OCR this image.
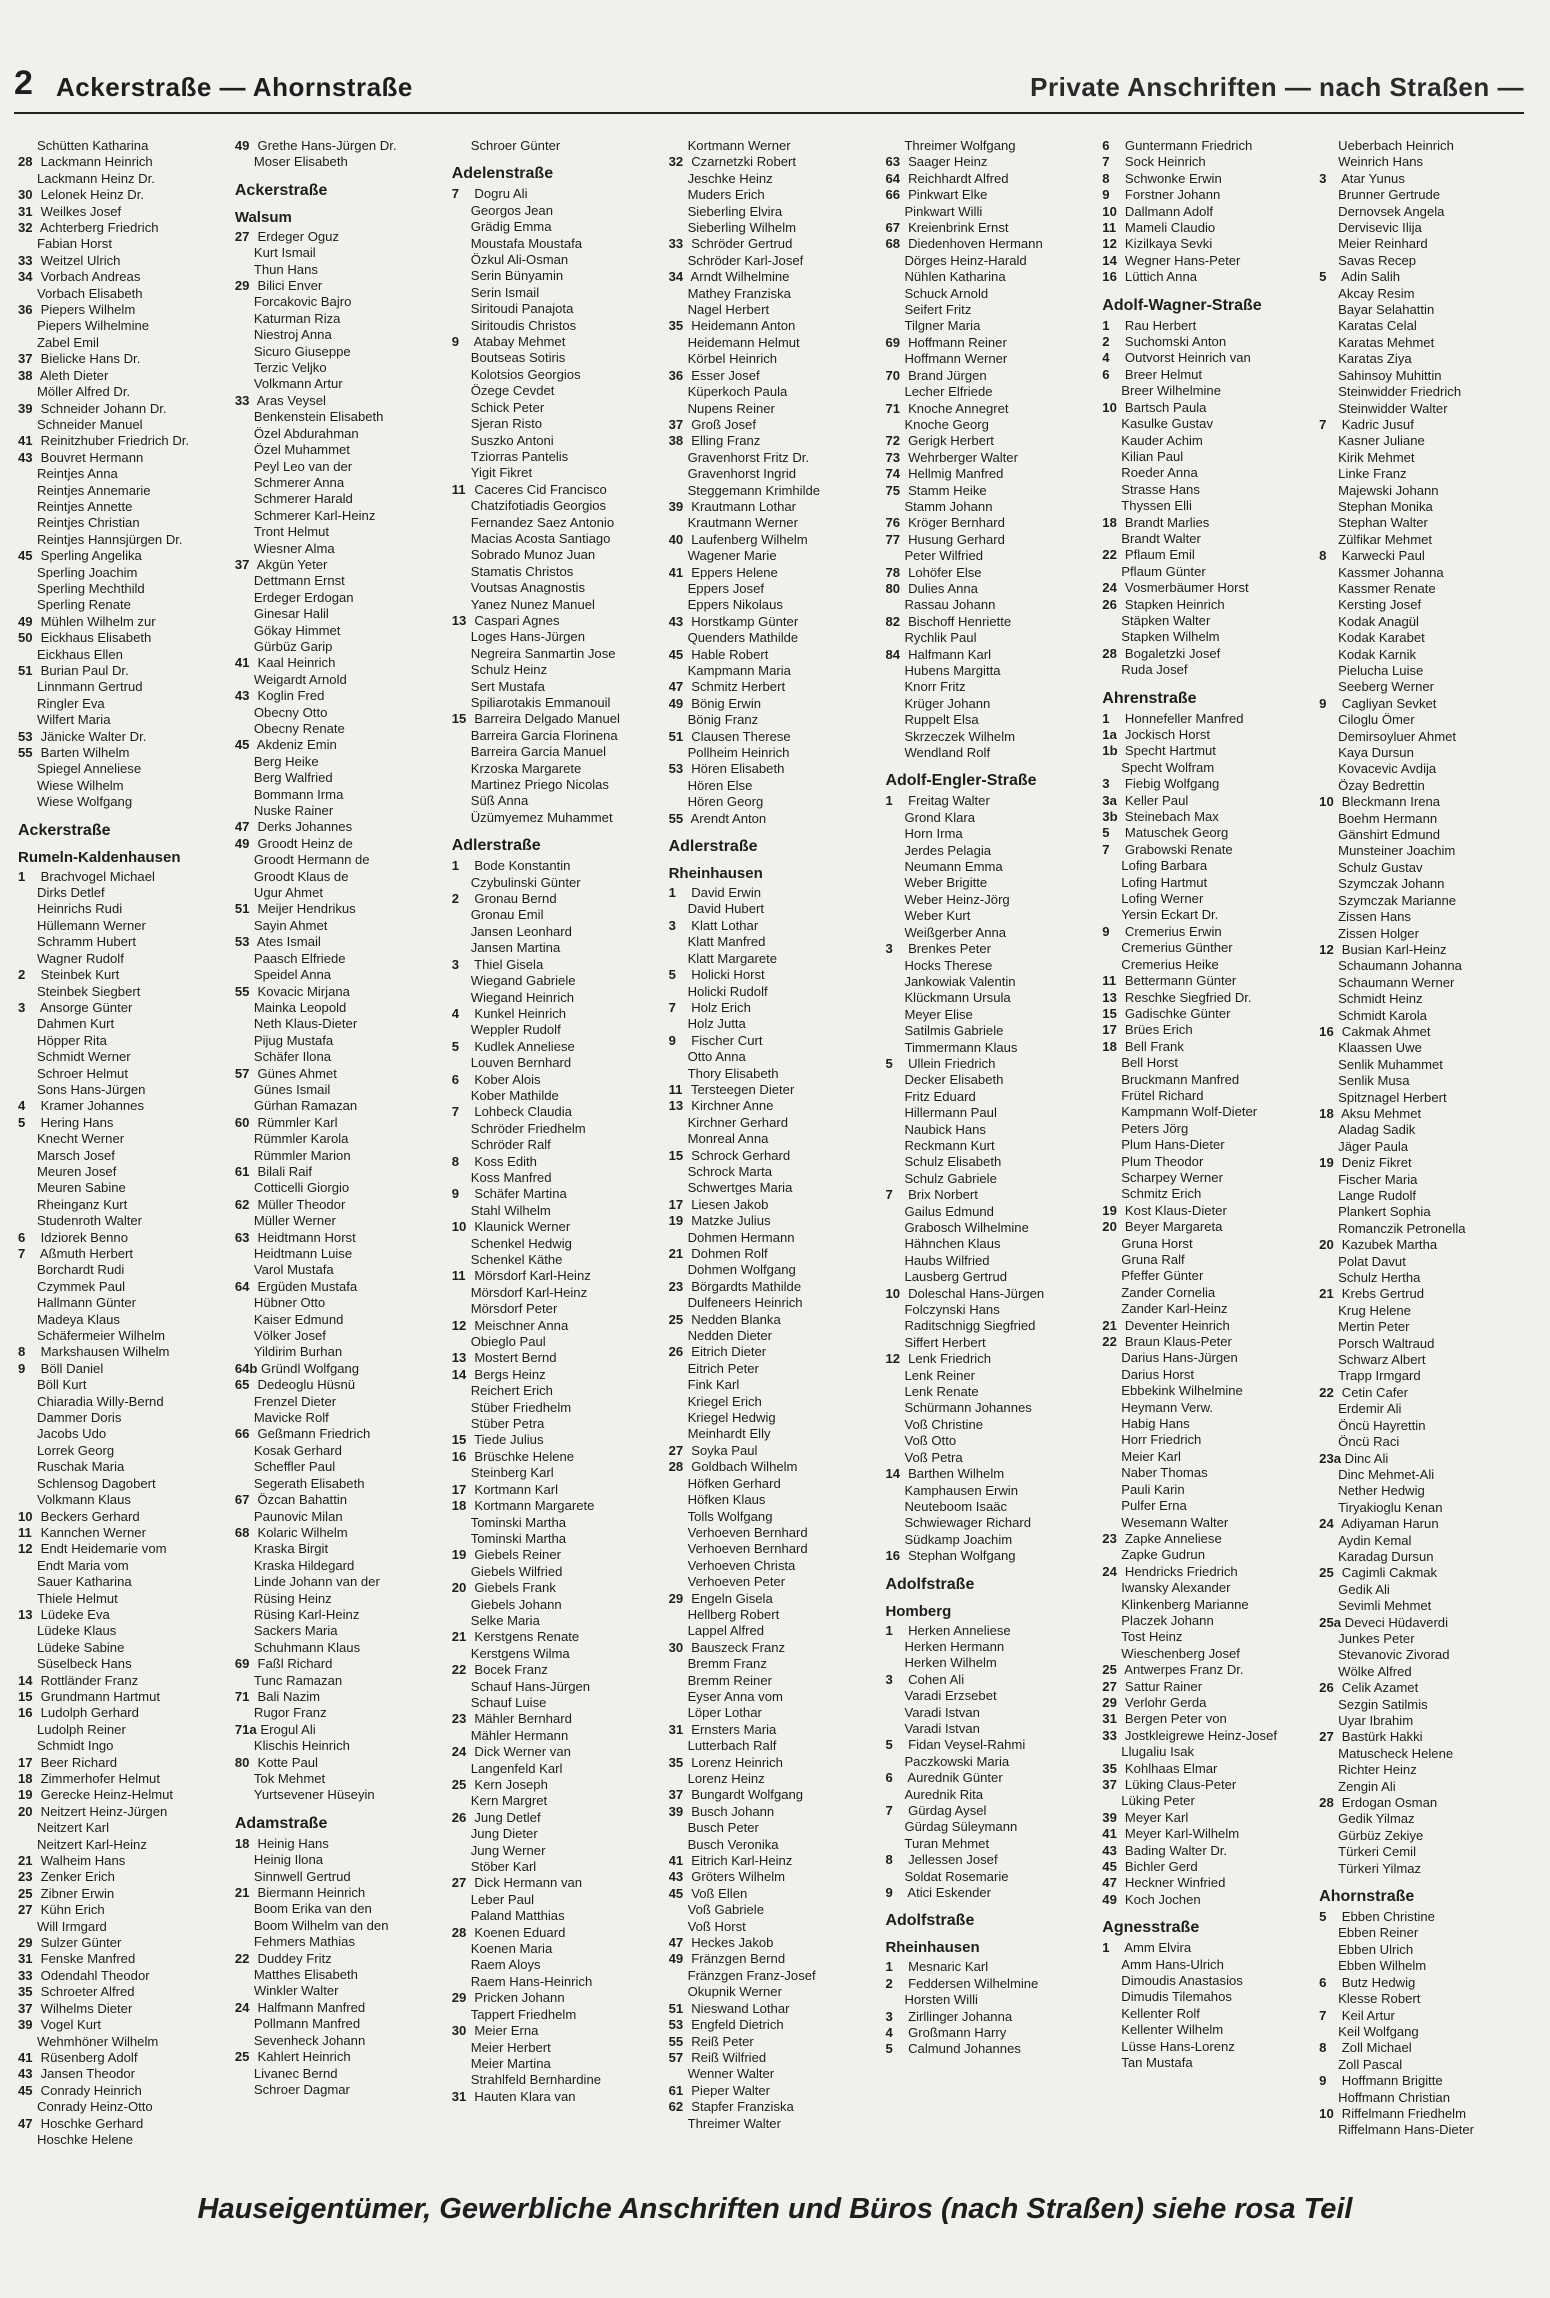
2 Ackerstraße — Ahornstraße	Private Anschriften — nach Straßen —
Schütten Katharina
28 Lackmann Heinrich
Lackmann Heinz Dr.
30 Lelonek Heinz Dr.
31 Weilkes Josef
32 Achterberg Friedrich
Fabian Horst
33 Weitzel Ulrich
34 Vorbach Andreas
Vorbach Elisabeth
36 Piepers Wilhelm
Piepers Wilhelmine
Zabel Emil
37 Bielicke Hans Dr.
38 Aleth Dieter
Möller Alfred Dr.
39 Schneider Johann Dr.
Schneider Manuel
41 Reinitzhuber Friedrich Dr.
43 Bouvret Hermann
Reintjes Anna
Reintjes Annemarie
Reintjes Annette
Reintjes Christian
Reintjes Hannsjürgen Dr.
45 Sperling Angelika
Sperling Joachim
Sperling Mechthild
Sperling Renate
49 Mühlen Wilhelm zur
50 Eickhaus Elisabeth
Eickhaus Ellen
51 Burian Paul Dr.
Linnmann Gertrud
Ringler Eva
Wilfert Maria
53 Jänicke Walter Dr.
55 Barten Wilhelm
Spiegel Anneliese
Wiese Wilhelm
Wiese Wolfgang
Ackerstraße
Rumeln-Kaldenhausen
1 Brachvogel Michael
Dirks Detlef
Heinrichs Rudi
Hüllemann Werner
Schramm Hubert
Wagner Rudolf
2 Steinbek Kurt
Steinbek Siegbert
3 Ansorge Günter
Dahmen Kurt
Höpper Rita
Schmidt Werner
Schroer Helmut
Sons Hans-Jürgen
4 Kramer Johannes
5 Hering Hans
Knecht Werner
Marsch Josef
Meuren Josef
Meuren Sabine
Rheinganz Kurt
Studenroth Walter
6 Idziorek Benno
7 Aßmuth Herbert
Borchardt Rudi
Czymmek Paul
Hallmann Günter
Madeya Klaus
Schäfermeier Wilhelm
8 Markshausen Wilhelm
9 Böll Daniel
Böll Kurt
Chiaradia Willy-Bernd
Dammer Doris
Jacobs Udo
Lorrek Georg
Ruschak Maria
Schlensog Dagobert
Volkmann Klaus
10 Beckers Gerhard
11 Kannchen Werner
12 Endt Heidemarie vom
Endt Maria vom
Sauer Katharina
Thiele Helmut
13 Lüdeke Eva
Lüdeke Klaus
Lüdeke Sabine
Süselbeck Hans
14 Rottländer Franz
15 Grundmann Hartmut
16 Ludolph Gerhard
Ludolph Reiner
Schmidt Ingo
17 Beer Richard
18 Zimmerhofer Helmut
19 Gerecke Heinz-Helmut
20 Neitzert Heinz-Jürgen
Neitzert Karl
Neitzert Karl-Heinz
21 Walheim Hans
23 Zenker Erich
25 Zibner Erwin
27 Kühn Erich
Will Irmgard
29 Sulzer Günter
31 Fenske Manfred
33 Odendahl Theodor
35 Schroeter Alfred
37 Wilhelms Dieter
39 Vogel Kurt
Wehmhöner Wilhelm
41 Rüsenberg Adolf
43 Jansen Theodor
45 Conrady Heinrich
Conrady Heinz-Otto
47 Hoschke Gerhard
Hoschke Helene
49 Grethe Hans-Jürgen Dr.
Moser Elisabeth
Ackerstraße
Walsum
27 Erdeger Oguz
Kurt Ismail
Thun Hans
29 Bilici Enver
Forcakovic Bajro
Katurman Riza
Niestroj Anna
Sicuro Giuseppe
Terzic Veljko
Volkmann Artur
33 Aras Veysel
Benkenstein Elisabeth
Özel Abdurahman
Özel Muhammet
Peyl Leo van der
Schmerer Anna
Schmerer Harald
Schmerer Karl-Heinz
Tront Helmut
Wiesner Alma
37 Akgün Yeter
Dettmann Ernst
Erdeger Erdogan
Ginesar Halil
Gökay Himmet
Gürbüz Garip
41 Kaal Heinrich
Weigardt Arnold
43 Koglin Fred
Obecny Otto
Obecny Renate
45 Akdeniz Emin
Berg Heike
Berg Walfried
Bommann Irma
Nuske Rainer
47 Derks Johannes
49 Groodt Heinz de
Groodt Hermann de
Groodt Klaus de
Ugur Ahmet
51 Meijer Hendrikus
Sayin Ahmet
53 Ates Ismail
Paasch Elfriede
Speidel Anna
55 Kovacic Mirjana
Mainka Leopold
Neth Klaus-Dieter
Pijug Mustafa
Schäfer Ilona
57 Günes Ahmet
Günes Ismail
Gürhan Ramazan
60 Rümmler Karl
Rümmler Karola
Rümmler Marion
61 Bilali Raif
Cotticelli Giorgio
62 Müller Theodor
Müller Werner
63 Heidtmann Horst
Heidtmann Luise
Varol Mustafa
64 Ergüden Mustafa
Hübner Otto
Kaiser Edmund
Völker Josef
Yildirim Burhan
64b Gründl Wolfgang
65 Dedeoglu Hüsnü
Frenzel Dieter
Mavicke Rolf
66 Geßmann Friedrich
Kosak Gerhard
Scheffler Paul
Segerath Elisabeth
67 Özcan Bahattin
Paunovic Milan
68 Kolaric Wilhelm
Kraska Birgit
Kraska Hildegard
Linde Johann van der
Rüsing Heinz
Rüsing Karl-Heinz
Sackers Maria
Schuhmann Klaus
69 Faßl Richard
Tunc Ramazan
71 Bali Nazim
Rugor Franz
71a Erogul Ali
Klischis Heinrich
80 Kotte Paul
Tok Mehmet
Yurtsevener Hüseyin
Adamstraße
18 Heinig Hans
Heinig Ilona
Sinnwell Gertrud
21 Biermann Heinrich
Boom Erika van den
Boom Wilhelm van den
Fehmers Mathias
22 Duddey Fritz
Matthes Elisabeth
Winkler Walter
24 Halfmann Manfred
Pollmann Manfred
Sevenheck Johann
25 Kahlert Heinrich
Livanec Bernd
Schroer Dagmar
Schroer Günter
Adelenstraße
7 Dogru Ali
Georgos Jean
Grädig Emma
Moustafa Moustafa
Özkul Ali-Osman
Serin Bünyamin
Serin Ismail
Siritoudi Panajota
Siritoudis Christos
9 Atabay Mehmet
Boutseas Sotiris
Kolotsios Georgios
Özege Cevdet
Schick Peter
Sjeran Risto
Suszko Antoni
Tziorras Pantelis
Yigit Fikret
11 Caceres Cid Francisco
Chatzifotiadis Georgios
Fernandez Saez Antonio
Macias Acosta Santiago
Sobrado Munoz Juan
Stamatis Christos
Voutsas Anagnostis
Yanez Nunez Manuel
13 Caspari Agnes
Loges Hans-Jürgen
Negreira Sanmartin Jose
Schulz Heinz
Sert Mustafa
Spiliarotakis Emmanouil
15 Barreira Delgado Manuel
Barreira Garcia Florinena
Barreira Garcia Manuel
Krzoska Margarete
Martinez Priego Nicolas
Süß Anna
Üzümyemez Muhammet
Adlerstraße
1 Bode Konstantin
Czybulinski Günter
2 Gronau Bernd
Gronau Emil
Jansen Leonhard
Jansen Martina
3 Thiel Gisela
Wiegand Gabriele
Wiegand Heinrich
4 Kunkel Heinrich
Weppler Rudolf
5 Kudlek Anneliese
Louven Bernhard
6 Kober Alois
Kober Mathilde
7 Lohbeck Claudia
Schröder Friedhelm
Schröder Ralf
8 Koss Edith
Koss Manfred
9 Schäfer Martina
Stahl Wilhelm
10 Klaunick Werner
Schenkel Hedwig
Schenkel Käthe
11 Mörsdorf Karl-Heinz
Mörsdorf Karl-Heinz
Mörsdorf Peter
12 Meischner Anna
Obieglo Paul
13 Mostert Bernd
14 Bergs Heinz
Reichert Erich
Stüber Friedhelm
Stüber Petra
15 Tiede Julius
16 Brüschke Helene
Steinberg Karl
17 Kortmann Karl
18 Kortmann Margarete
Tominski Martha
Tominski Martha
19 Giebels Reiner
Giebels Wilfried
20 Giebels Frank
Giebels Johann
Selke Maria
21 Kerstgens Renate
Kerstgens Wilma
22 Bocek Franz
Schauf Hans-Jürgen
Schauf Luise
23 Mähler Bernhard
Mähler Hermann
24 Dick Werner van
Langenfeld Karl
25 Kern Joseph
Kern Margret
26 Jung Detlef
Jung Dieter
Jung Werner
Stöber Karl
27 Dick Hermann van
Leber Paul
Paland Matthias
28 Koenen Eduard
Koenen Maria
Raem Aloys
Raem Hans-Heinrich
29 Pricken Johann
Tappert Friedhelm
30 Meier Erna
Meier Herbert
Meier Martina
Strahlfeld Bernhardine
31 Hauten Klara van
Kortmann Werner
32 Czarnetzki Robert
Jeschke Heinz
Muders Erich
Sieberling Elvira
Sieberling Wilhelm
33 Schröder Gertrud
Schröder Karl-Josef
34 Arndt Wilhelmine
Mathey Franziska
Nagel Herbert
35 Heidemann Anton
Heidemann Helmut
Körbel Heinrich
36 Esser Josef
Küperkoch Paula
Nupens Reiner
37 Groß Josef
38 Elling Franz
Gravenhorst Fritz Dr.
Gravenhorst Ingrid
Steggemann Krimhilde
39 Krautmann Lothar
Krautmann Werner
40 Laufenberg Wilhelm
Wagener Marie
41 Eppers Helene
Eppers Josef
Eppers Nikolaus
43 Horstkamp Günter
Quenders Mathilde
45 Hable Robert
Kampmann Maria
47 Schmitz Herbert
49 Bönig Erwin
Bönig Franz
51 Clausen Therese
Pollheim Heinrich
53 Hören Elisabeth
Hören Else
Hören Georg
55 Arendt Anton
Adlerstraße
Rheinhausen
1 David Erwin
David Hubert
3 Klatt Lothar
Klatt Manfred
Klatt Margarete
5 Holicki Horst
Holicki Rudolf
7 Holz Erich
Holz Jutta
9 Fischer Curt
Otto Anna
Thory Elisabeth
11 Tersteegen Dieter
13 Kirchner Anne
Kirchner Gerhard
Monreal Anna
15 Schrock Gerhard
Schrock Marta
Schwertges Maria
17 Liesen Jakob
19 Matzke Julius
Dohmen Hermann
21 Dohmen Rolf
Dohmen Wolfgang
23 Börgardts Mathilde
Dulfeneers Heinrich
25 Nedden Blanka
Nedden Dieter
26 Eitrich Dieter
Eitrich Peter
Fink Karl
Kriegel Erich
Kriegel Hedwig
Meinhardt Elly
27 Soyka Paul
28 Goldbach Wilhelm
Höfken Gerhard
Höfken Klaus
Tolls Wolfgang
Verhoeven Bernhard
Verhoeven Bernhard
Verhoeven Christa
Verhoeven Peter
29 Engeln Gisela
Hellberg Robert
Lappel Alfred
30 Bauszeck Franz
Bremm Franz
Bremm Reiner
Eyser Anna vom
Löper Lothar
31 Ernsters Maria
Lutterbach Ralf
35 Lorenz Heinrich
Lorenz Heinz
37 Bungardt Wolfgang
39 Busch Johann
Busch Peter
Busch Veronika
41 Eitrich Karl-Heinz
43 Gröters Wilhelm
45 Voß Ellen
Voß Gabriele
Voß Horst
47 Heckes Jakob
49 Fränzgen Bernd
Fränzgen Franz-Josef
Okupnik Werner
51 Nieswand Lothar
53 Engfeld Dietrich
55 Reiß Peter
57 Reiß Wilfried
Wenner Walter
61 Pieper Walter
62 Stapfer Franziska
Threimer Walter
Threimer Wolfgang
63 Saager Heinz
64 Reichhardt Alfred
66 Pinkwart Elke
Pinkwart Willi
67 Kreienbrink Ernst
68 Diedenhoven Hermann
Dörges Heinz-Harald
Nühlen Katharina
Schuck Arnold
Seifert Fritz
Tilgner Maria
69 Hoffmann Reiner
Hoffmann Werner
70 Brand Jürgen
Lecher Elfriede
71 Knoche Annegret
Knoche Georg
72 Gerigk Herbert
73 Wehrberger Walter
74 Hellmig Manfred
75 Stamm Heike
Stamm Johann
76 Kröger Bernhard
77 Husung Gerhard
Peter Wilfried
78 Lohöfer Else
80 Dulies Anna
Rassau Johann
82 Bischoff Henriette
Rychlik Paul
84 Halfmann Karl
Hubens Margitta
Knorr Fritz
Krüger Johann
Ruppelt Elsa
Skrzeczek Wilhelm
Wendland Rolf
Adolf-Engler-Straße
1 Freitag Walter
Grond Klara
Horn Irma
Jerdes Pelagia
Neumann Emma
Weber Brigitte
Weber Heinz-Jörg
Weber Kurt
Weißgerber Anna
3 Brenkes Peter
Hocks Therese
Jankowiak Valentin
Klückmann Ursula
Meyer Elise
Satilmis Gabriele
Timmermann Klaus
5 Ullein Friedrich
Decker Elisabeth
Fritz Eduard
Hillermann Paul
Naubick Hans
Reckmann Kurt
Schulz Elisabeth
Schulz Gabriele
7 Brix Norbert
Gailus Edmund
Grabosch Wilhelmine
Hähnchen Klaus
Haubs Wilfried
Lausberg Gertrud
10 Doleschal Hans-Jürgen
Folczynski Hans
Raditschnigg Siegfried
Siffert Herbert
12 Lenk Friedrich
Lenk Reiner
Lenk Renate
Schürmann Johannes
Voß Christine
Voß Otto
Voß Petra
14 Barthen Wilhelm
Kamphausen Erwin
Neuteboom Isaäc
Schwiewager Richard
Südkamp Joachim
16 Stephan Wolfgang
Adolfstraße
Homberg
1 Herken Anneliese
Herken Hermann
Herken Wilhelm
3 Cohen Ali
Varadi Erzsebet
Varadi Istvan
Varadi Istvan
5 Fidan Veysel-Rahmi
Paczkowski Maria
6 Aurednik Günter
Aurednik Rita
7 Gürdag Aysel
Gürdag Süleymann
Turan Mehmet
8 Jellessen Josef
Soldat Rosemarie
9 Atici Eskender
Adolfstraße
Rheinhausen
1 Mesnaric Karl
2 Feddersen Wilhelmine
Horsten Willi
3 Zirllinger Johanna
4 Großmann Harry
5 Calmund Johannes
6 Guntermann Friedrich
7 Sock Heinrich
8 Schwonke Erwin
9 Forstner Johann
10 Dallmann Adolf
11 Mameli Claudio
12 Kizilkaya Sevki
14 Wegner Hans-Peter
16 Lüttich Anna
Adolf-Wagner-Straße
1 Rau Herbert
2 Suchomski Anton
4 Outvorst Heinrich van
6 Breer Helmut
Breer Wilhelmine
10 Bartsch Paula
Kasulke Gustav
Kauder Achim
Kilian Paul
Roeder Anna
Strasse Hans
Thyssen Elli
18 Brandt Marlies
Brandt Walter
22 Pflaum Emil
Pflaum Günter
24 Vosmerbäumer Horst
26 Stapken Heinrich
Stäpken Walter
Stapken Wilhelm
28 Bogaletzki Josef
Ruda Josef
Ahrenstraße
1 Honnefeller Manfred
1a Jockisch Horst
1b Specht Hartmut
Specht Wolfram
3 Fiebig Wolfgang
3a Keller Paul
3b Steinebach Max
5 Matuschek Georg
7 Grabowski Renate
Lofing Barbara
Lofing Hartmut
Lofing Werner
Yersin Eckart Dr.
9 Cremerius Erwin
Cremerius Günther
Cremerius Heike
11 Bettermann Günter
13 Reschke Siegfried Dr.
15 Gadischke Günter
17 Brües Erich
18 Bell Frank
Bell Horst
Bruckmann Manfred
Frütel Richard
Kampmann Wolf-Dieter
Peters Jörg
Plum Hans-Dieter
Plum Theodor
Scharpey Werner
Schmitz Erich
19 Kost Klaus-Dieter
20 Beyer Margareta
Gruna Horst
Gruna Ralf
Pfeffer Günter
Zander Cornelia
Zander Karl-Heinz
21 Deventer Heinrich
22 Braun Klaus-Peter
Darius Hans-Jürgen
Darius Horst
Ebbekink Wilhelmine
Heymann Verw.
Habig Hans
Horr Friedrich
Meier Karl
Naber Thomas
Pauli Karin
Pulfer Erna
Wesemann Walter
23 Zapke Anneliese
Zapke Gudrun
24 Hendricks Friedrich
Iwansky Alexander
Klinkenberg Marianne
Placzek Johann
Tost Heinz
Wieschenberg Josef
25 Antwerpes Franz Dr.
27 Sattur Rainer
29 Verlohr Gerda
31 Bergen Peter von
33 Jostkleigrewe Heinz-Josef
Llugaliu Isak
35 Kohlhaas Elmar
37 Lüking Claus-Peter
Lüking Peter
39 Meyer Karl
41 Meyer Karl-Wilhelm
43 Bading Walter Dr.
45 Bichler Gerd
47 Heckner Winfried
49 Koch Jochen
Agnesstraße
1 Amm Elvira
Amm Hans-Ulrich
Dimoudis Anastasios
Dimudis Tilemahos
Kellenter Rolf
Kellenter Wilhelm
Lüsse Hans-Lorenz
Tan Mustafa
Ueberbach Heinrich
Weinrich Hans
3 Atar Yunus
Brunner Gertrude
Dernovsek Angela
Dervisevic Ilija
Meier Reinhard
Savas Recep
5 Adin Salih
Akcay Resim
Bayar Selahattin
Karatas Celal
Karatas Mehmet
Karatas Ziya
Sahinsoy Muhittin
Steinwidder Friedrich
Steinwidder Walter
7 Kadric Jusuf
Kasner Juliane
Kirik Mehmet
Linke Franz
Majewski Johann
Stephan Monika
Stephan Walter
Zülfikar Mehmet
8 Karwecki Paul
Kassmer Johanna
Kassmer Renate
Kersting Josef
Kodak Anagül
Kodak Karabet
Kodak Karnik
Pielucha Luise
Seeberg Werner
9 Cagliyan Sevket
Ciloglu Ömer
Demirsoyluer Ahmet
Kaya Dursun
Kovacevic Avdija
Özay Bedrettin
10 Bleckmann Irena
Boehm Hermann
Gänshirt Edmund
Munsteiner Joachim
Schulz Gustav
Szymczak Johann
Szymczak Marianne
Zissen Hans
Zissen Holger
12 Busian Karl-Heinz
Schaumann Johanna
Schaumann Werner
Schmidt Heinz
Schmidt Karola
16 Cakmak Ahmet
Klaassen Uwe
Senlik Muhammet
Senlik Musa
Spitznagel Herbert
18 Aksu Mehmet
Aladag Sadik
Jäger Paula
19 Deniz Fikret
Fischer Maria
Lange Rudolf
Plankert Sophia
Romanczik Petronella
20 Kazubek Martha
Polat Davut
Schulz Hertha
21 Krebs Gertrud
Krug Helene
Mertin Peter
Porsch Waltraud
Schwarz Albert
Trapp Irmgard
22 Cetin Cafer
Erdemir Ali
Öncü Hayrettin
Öncü Raci
23a Dinc Ali
Dinc Mehmet-Ali
Nether Hedwig
Tiryakioglu Kenan
24 Adiyaman Harun
Aydin Kemal
Karadag Dursun
25 Cagimli Cakmak
Gedik Ali
Sevimli Mehmet
25a Deveci Hüdaverdi
Junkes Peter
Stevanovic Zivorad
Wölke Alfred
26 Celik Azamet
Sezgin Satilmis
Uyar Ibrahim
27 Bastürk Hakki
Matuscheck Helene
Richter Heinz
Zengin Ali
28 Erdogan Osman
Gedik Yilmaz
Gürbüz Zekiye
Türkeri Cemil
Türkeri Yilmaz
Ahornstraße
5 Ebben Christine
Ebben Reiner
Ebben Ulrich
Ebben Wilhelm
6 Butz Hedwig
Klesse Robert
7 Keil Artur
Keil Wolfgang
8 Zoll Michael
Zoll Pascal
9 Hoffmann Brigitte
Hoffmann Christian
10 Riffelmann Friedhelm
Riffelmann Hans-Dieter
Hauseigentümer, Gewerbliche Anschriften und Büros (nach Straßen) siehe rosa Teil
